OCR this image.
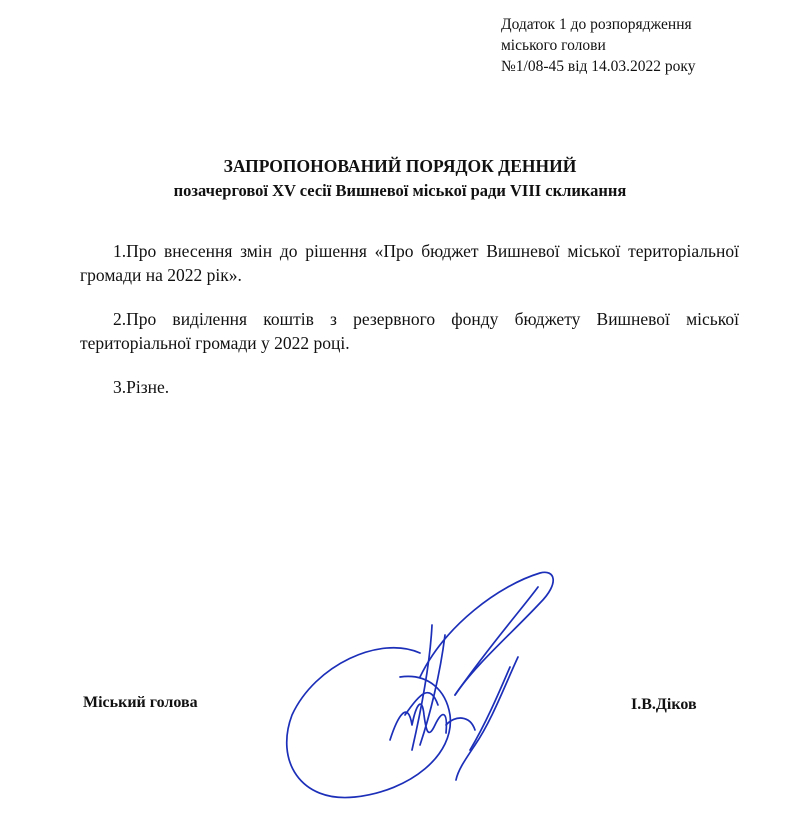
Додаток 1 до розпорядження
міського голови
№1/08-45 від 14.03.2022 року
ЗАПРОПОНОВАНИЙ ПОРЯДОК ДЕННИЙ
позачергової XV сесії Вишневої міської ради VIII скликання

1.Про внесення змін до рішення «Про бюджет Вишневої міської територіальної громади на 2022 рік».

2.Про виділення коштів з резервного фонду бюджету Вишневої міської територіальної громади у 2022 році.

3.Різне.

Міський голова	І.В.Діков
